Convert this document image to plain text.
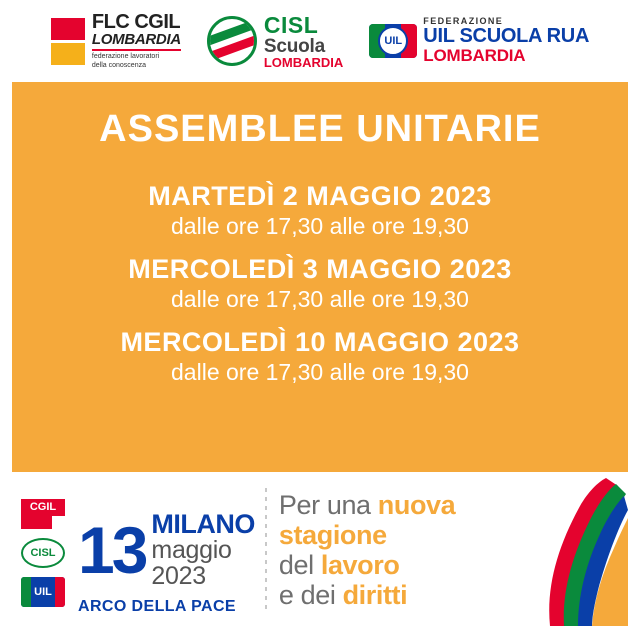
FLC CGIL
LOMBARDIA
federazione lavoratori
della conoscenza
CISL
Scuola
LOMBARDIA
UIL
FEDERAZIONE
UIL SCUOLA RUA
LOMBARDIA
ASSEMBLEE UNITARIE
MARTEDÌ 2 MAGGIO 2023
dalle ore 17,30 alle ore 19,30
MERCOLEDÌ 3 MAGGIO 2023
dalle ore 17,30 alle ore 19,30
MERCOLEDÌ 10 MAGGIO 2023
dalle ore 17,30 alle ore 19,30
CGIL
CISL
UIL
13 MILANO
maggio
2023
ARCO DELLA PACE
Per una nuova
stagione
del lavoro
e dei diritti
